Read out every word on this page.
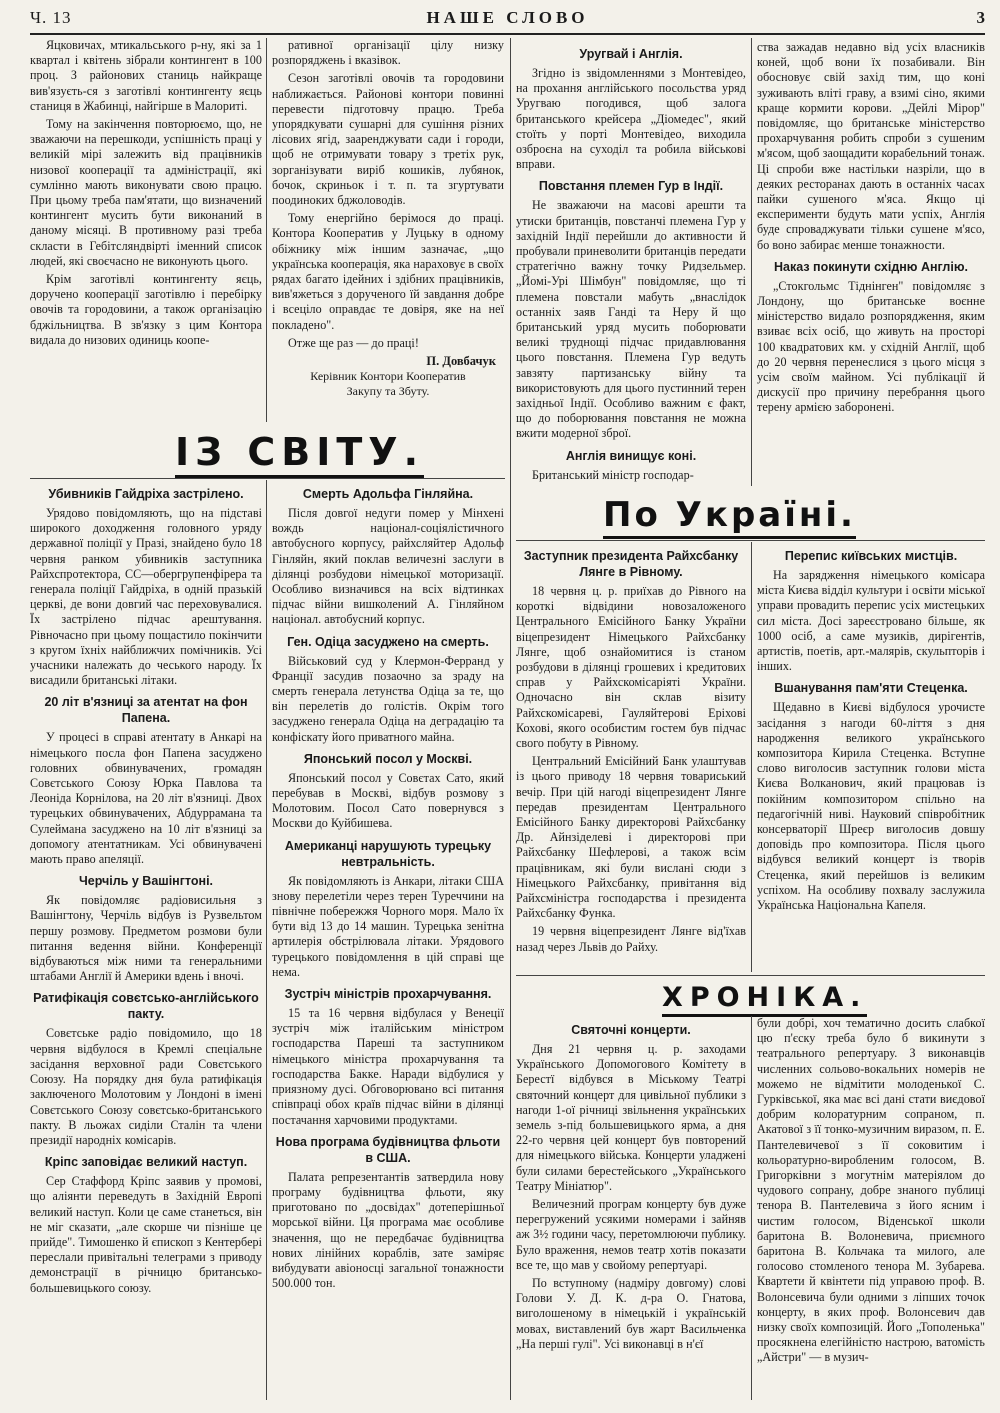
Ч. 13	НАШЕ СЛОВО	3

Яцковичах, мтикальського р-ну, які за 1 квартал і квітень зібрали контингент в 100 проц. З районових станиць найкраще вив'язуєть-ся з заготівлі контингенту яєць станиця в Жабинці, найгірше в Малориті.

Тому на закінчення повторюємо, що, не зважаючи на перешкоди, успішність праці у великій мірі залежить від працівників низової кооперації та адміністрації, які сумлінно мають виконувати свою працю. При цьому треба пам'ятати, що визначений контингент мусить бути виконаний в даному місяці. В противному разі треба скласти в Гебітсляндвірті іменний список людей, які своєчасно не виконують цього.

Крім заготівлі контингенту яєць, доручено кооперації заготівлю і перебірку овочів та городовини, а також організацію бджільництва. В зв'язку з цим Контора видала до низових одиниць коопе-

ративної організації цілу низку розпоряджень і вказівок.

Сезон заготівлі овочів та городовини наближається. Районові контори повинні перевести підготовчу працю. Треба упорядкувати сушарні для сушіння різних лісових ягід, зааренджувати сади і городи, щоб не отримувати товару з третіх рук, зорганізувати виріб кошиків, лубянок, бочок, скриньок і т. п. та згуртувати поодиноких бджоловодів.

Тому енергійно берімося до праці. Контора Кооператив у Луцьку в одному обіжнику між іншим зазначає, „що українська кооперація, яка нараховує в своїх рядах багато ідейних і здібних працівників, вив'яжеться з дорученого їй завдання добре і всеціло оправдає те довіря, яке на неї покладено".

Отже ще раз — до праці!

П. Довбачук
Керівник Контори Кооператив
Закупу та Збуту.
ІЗ СВІТУ.
Убивників Гайдріха застрілено.

Урядово повідомляють, що на підставі широкого доходження головного уряду державної поліції у Празі, знайдено було 18 червня ранком убивників заступника Райхспротектора, СС—обергрупенфірера та генерала поліції Гайдріха, в одній празькій церкві, де вони довгий час переховувалися. Їх застрілено підчас арештування. Рівночасно при цьому пощастило покінчити з кругом їхніх найближчих помічників. Усі учасники належать до чеського народу. Їх висадили британські літаки.

20 літ в'язниці за атентат на фон Папена.

У процесі в справі атентату в Анкарі на німецького посла фон Папена засуджено головних обвинувачених, громадян Совєтського Союзу Юрка Павлова та Леоніда Корнілова, на 20 літ в'язниці. Двох турецьких обвинувачених, Абдуррамана та Сулеймана засуджено на 10 літ в'язниці за допомогу атентатникам. Усі обвинувачені мають право апеляції.

Черчіль у Вашінгтоні.

Як повідомляє радіовисильня з Вашінгтону, Черчіль відбув із Рузвельтом першу розмову. Предметом розмови були питання ведення війни. Конференції відбуваються між ними та генеральними штабами Англії й Америки вдень і вночі.

Ратифікація совєтсько-англійського пакту.

Совєтське радіо повідомило, що 18 червня відбулося в Кремлі спеціальне засідання верховної ради Совєтського Союзу. На порядку дня була ратифікація заключеного Молотовим у Лондоні в імені Совєтського Союзу совєтсько-британського пакту. В льожах сиділи Сталін та члени президії народніх комісарів.

Кріпс заповідає великий наступ.

Сер Стаффорд Кріпс заявив у промові, що аліянти переведуть в Західній Европі великий наступ. Коли це саме станеться, він не міг сказати, „але скорше чи пізніше це прийде". Тимошенко й єпископ з Кентербері переслали привітальні телеграми з приводу демонстрації в річницю британсько-большевицького союзу.

Смерть Адольфа Гінляйна.

Після довгої недуги помер у Мінхені вождь націонал-соціялістичного автобусного корпусу, райхсляйтер Адольф Гінляйн, який поклав величезні заслуги в ділянці розбудови німецької моторизації. Особливо визначився на всіх відтинках підчас війни вишколений А. Гінляйном націонал. автобусний корпус.

Ген. Одіца засуджено на смерть.

Військовий суд у Клермон-Ферранд у Франції засудив позаочно за зраду на смерть генерала летунства Одіца за те, що він перелетів до голістів. Окрім того засуджено генерала Одіца на деградацію та конфіскату його приватного майна.

Японський посол у Москві.

Японський посол у Совєтах Сато, який перебував в Москві, відбув розмову з Молотовим. Посол Сато повернувся з Москви до Куйбишева.

Американці нарушують турецьку невтральність.

Як повідомляють із Анкари, літаки США знову перелетіли через терен Туреччини на північне побережжя Чорного моря. Мало їх бути від 13 до 14 машин. Турецька зенітна артилерія обстрілювала літаки. Урядового турецького повідомлення в цій справі ще нема.

Зустріч міністрів прохарчування.

15 та 16 червня відбулася у Венеції зустріч між італійським міністром господарства Пареші та заступником німецького міністра прохарчування та господарства Бакке. Наради відбулися у приязному дусі. Обговорювано всі питання співпраці обох країв підчас війни в ділянці постачання харчовими продуктами.

Нова програма будівництва фльоти в США.

Палата репрезентантів затвердила нову програму будівництва фльоти, яку приготовано по „досвідах" дотеперішньої морської війни. Ця програма має особливе значення, що не передбачає будівництва нових лінійних кораблів, зате заміряє вибудувати авіоносці загальної тонажности 500.000 тон.

Уругвай і Англія.

Згідно із звідомленнями з Монтевідео, на прохання англійського посольства уряд Уругваю погодився, щоб залога британського крейсера „Діомедес", який стоїть у порті Монтевідео, виходила озброєна на суходіл та робила військові вправи.

Повстання племен Гур в Індії.

Не зважаючи на масові арешти та утиски британців, повстанчі племена Гур у західній Індії перейшли до активности й пробували приневолити британців передати стратегічно важну точку Ридзельмер. „Йомі-Урі Шімбун" повідомляє, що ті племена повстали мабуть „внаслідок останніх заяв Ганді та Неру й що британський уряд мусить поборювати великі труднощі підчас придавлювання цього повстання. Племена Гур ведуть завзяту партизанську війну та використовують для цього пустинний терен західньої Індії. Особливо важним є факт, що до поборювання повстання не можна вжити модерної зброї.

Англія винищує коні.

Британський міністр господар-

ства зажадав недавно від усіх власників коней, щоб вони їх позабивали. Він обосновує свій захід тим, що коні зуживають вліті граву, а взимі сіно, якими краще кормити корови. „Дейлі Мірор" повідомляє, що британське міністерство прохарчування робить спроби з сушеним м'ясом, щоб заощадити корабельний тонаж. Ці спроби вже настільки назріли, що в деяких ресторанах дають в останніх часах пайки сушеного м'яса. Якщо ці експерименти будуть мати успіх, Англія буде спроваджувати тільки сушене м'ясо, бо воно забирає менше тонажности.

Наказ покинути східню Англію.

„Стокгольмс Тіднінген" повідомляє з Лондону, що британське воєнне міністерство видало розпорядження, яким взиває всіх осіб, що живуть на просторі 100 квадратових км. у східній Англії, щоб до 20 червня перенеслися з цього місця з усім своїм майном. Усі публікації й дискусії про причину перебрання цього терену армією заборонені.

По Україні.
Заступник президента Райхсбанку Лянге в Рівному.

18 червня ц. р. приїхав до Рівного на короткі відвідини новозаложеного Центрального Емісійного Банку України віцепрезидент Німецького Райхсбанку Лянге, щоб ознайомитися із станом розбудови в ділянці грошевих і кредитових справ у Райхскомісаріяті України. Одночасно він склав візиту Райхскомісареві, Гауляйтерові Еріхові Кохові, якого особистим гостем був підчас свого побуту в Рівному.

Центральний Емісійний Банк улаштував із цього приводу 18 червня товариський вечір. При цій нагоді віцепрезидент Лянге передав президентам Центрального Емісійного Банку директорові Райхсбанку Др. Айнзіделеві і директорові при Райхсбанку Шефлерові, а також всім працівникам, які були вислані сюди з Німецького Райхсбанку, привітання від Райхсміністра господарства і президента Райхсбанку Функа.

19 червня віцепрезидент Лянге від'їхав назад через Львів до Райху.

Перепис київських мистців.

На зарядження німецького комісара міста Києва відділ культури і освіти міської управи провадить перепис усіх мистецьких сил міста. Досі зареєстровано більше, як 1000 осіб, а саме музиків, дирігентів, артистів, поетів, арт.-малярів, скульпторів і інших.

Вшанування пам'яти Стеценка.

Щедавно в Києві відбулося урочисте засідання з нагоди 60-ліття з дня народження великого українського композитора Кирила Стеценка. Вступне слово виголосив заступник голови міста Києва Волканович, який працював із покійним композитором спільно на педагогічній ниві. Науковий співробітник консерваторії Шреєр виголосив довшу доповідь про композитора. Після цього відбувся великий концерт із творів Стеценка, який перейшов із великим успіхом. На особливу похвалу заслужила Українська Національна Капеля.

ХРОНІКА.
Святочні концерти.

Дня 21 червня ц. р. заходами Українського Допомогового Комітету в Берестї відбувся в Міському Театрі святочний концерт для цивільної публики з нагоди 1-ої річниці звільнення українських земель з-під большевицького ярма, а дня 22-го червня цей концерт був повторений для німецького війська. Концерти уладжені були силами берестейського „Українського Театру Мініатюр".

Величезний програм концерту був дуже перегружений усякими номерами і зайняв аж 3½ години часу, перетомлюючи публику. Було враження, немов театр хотів показати все те, що мав у свойому репертуарі.

По вступному (надміру довгому) слові Голови У. Д. К. д-ра О. Гнатова, виголошеному в німецькій і українській мовах, виставлений був жарт Васильченка „На перші гулі". Усі виконавці в н'єї

були добрі, хоч тематично досить слабкої цю п'єску треба було б викинути з театрального репертуару. З виконавців численних сольово-вокальних номерів не можемо не відмітити молоденької С. Гурківської, яка має всі дані стати виєдової добрим колоратурним сопраном, п. Акатової з її тонко-музичним виразом, п. Е. Пантелевичевої з її соковитим і кольоратурно-виробленим голосом, В. Григорківни з могутнім матеріялом до чудового сопрану, добре знаного публиці тенора В. Пантелевича з його ясним і чистим голосом, Віденської школи баритона В. Волоневича, приємного баритона В. Кольчака та милого, але голосово стомленого тенора М. Зубарева. Квартети й квінтети під управою проф. В. Волонсевича були одними з ліпших точок концерту, в яких проф. Волонсевич дав низку своїх композицій. Його „Тополенька" просякнена елегійністю настрою, ватомість „Айстри" — в музич-
